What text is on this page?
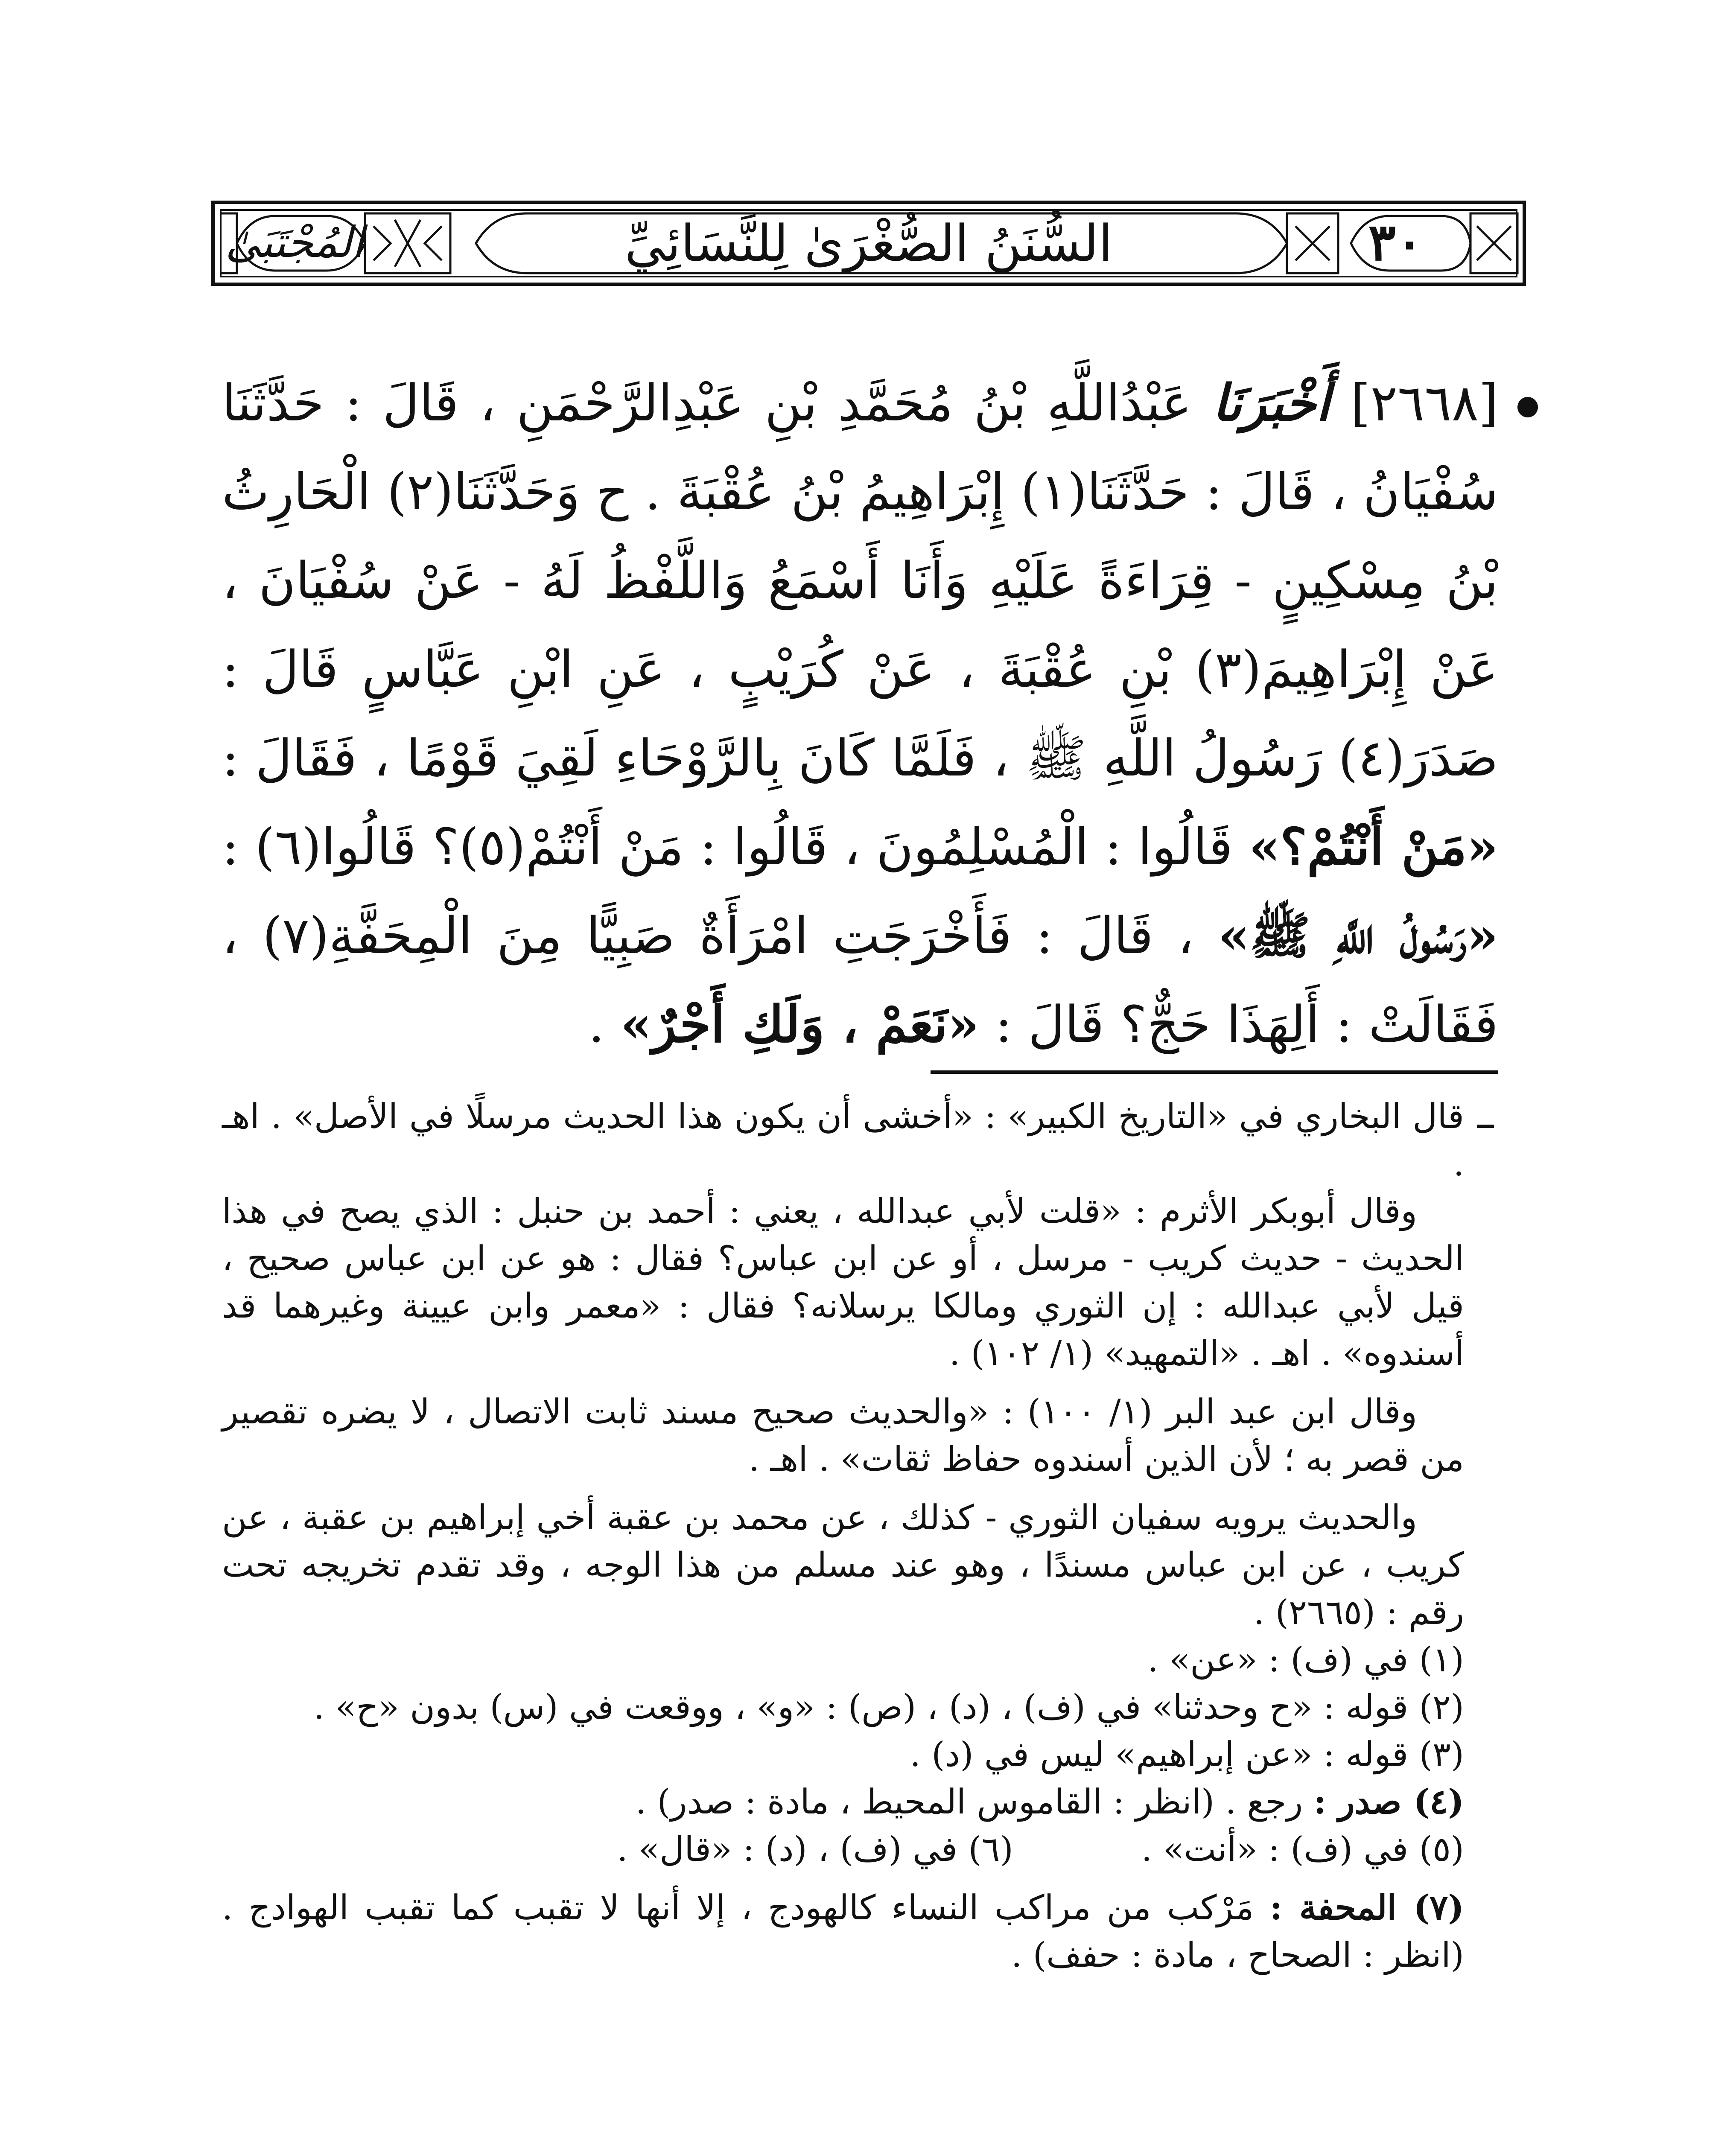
٣٠
السُّنَنُ الصُّغْرَىٰ لِلنَّسَائِيِّ
المُجْتَبَىٰ
[٢٦٦٨] أَخْبَرَنَا عَبْدُاللَّهِ بْنُ مُحَمَّدِ بْنِ عَبْدِالرَّحْمَنِ ، قَالَ : حَدَّثَنَا سُفْيَانُ ، قَالَ : حَدَّثَنَا(١) إِبْرَاهِيمُ بْنُ عُقْبَةَ . ح وَحَدَّثَنَا(٢) الْحَارِثُ بْنُ مِسْكِينٍ - قِرَاءَةً عَلَيْهِ وَأَنَا أَسْمَعُ وَاللَّفْظُ لَهُ - عَنْ سُفْيَانَ ، عَنْ إِبْرَاهِيمَ(٣) بْنِ عُقْبَةَ ، عَنْ كُرَيْبٍ ، عَنِ ابْنِ عَبَّاسٍ قَالَ : صَدَرَ(٤) رَسُولُ اللَّهِ ﷺ ، فَلَمَّا كَانَ بِالرَّوْحَاءِ لَقِيَ قَوْمًا ، فَقَالَ : «مَنْ أَنْتُمْ؟» قَالُوا : الْمُسْلِمُونَ ، قَالُوا : مَنْ أَنْتُمْ(٥)؟ قَالُوا(٦) : «رَسُولُ اللَّهِ ﷺ» ، قَالَ : فَأَخْرَجَتِ امْرَأَةٌ صَبِيًّا مِنَ الْمِحَفَّةِ(٧) ، فَقَالَتْ : أَلِهَذَا حَجٌّ؟ قَالَ : «نَعَمْ ، وَلَكِ أَجْرٌ» .

قال البخاري في «التاريخ الكبير» : «أخشى أن يكون هذا الحديث مرسلًا في الأصل» . اهـ .

وقال أبوبكر الأثرم : «قلت لأبي عبدالله ، يعني : أحمد بن حنبل : الذي يصح في هذا الحديث - حديث كريب - مرسل ، أو عن ابن عباس؟ فقال : هو عن ابن عباس صحيح ، قيل لأبي عبدالله : إن الثوري ومالكا يرسلانه؟ فقال : «معمر وابن عيينة وغيرهما قد أسندوه» . اهـ . «التمهيد» (١/ ١٠٢) .

وقال ابن عبد البر (١/ ١٠٠) : «والحديث صحيح مسند ثابت الاتصال ، لا يضره تقصير من قصر به ؛ لأن الذين أسندوه حفاظ ثقات» . اهـ .

والحديث يرويه سفيان الثوري - كذلك ، عن محمد بن عقبة أخي إبراهيم بن عقبة ، عن كريب ، عن ابن عباس مسندًا ، وهو عند مسلم من هذا الوجه ، وقد تقدم تخريجه تحت رقم : (٢٦٦٥) .

(١) في (ف) : «عن» .

(٢) قوله : «ح وحدثنا» في (ف) ، (د) ، (ص) : «و» ، ووقعت في (س) بدون «ح» .

(٣) قوله : «عن إبراهيم» ليس في (د) .

(٤) صدر : رجع . (انظر : القاموس المحيط ، مادة : صدر) .

(٥) في (ف) : «أنت» .
(٦) في (ف) ، (د) : «قال» .

(٧) المحفة : مَرْكب من مراكب النساء كالهودج ، إلا أنها لا تقبب كما تقبب الهوادج . (انظر : الصحاح ، مادة : حفف) .
